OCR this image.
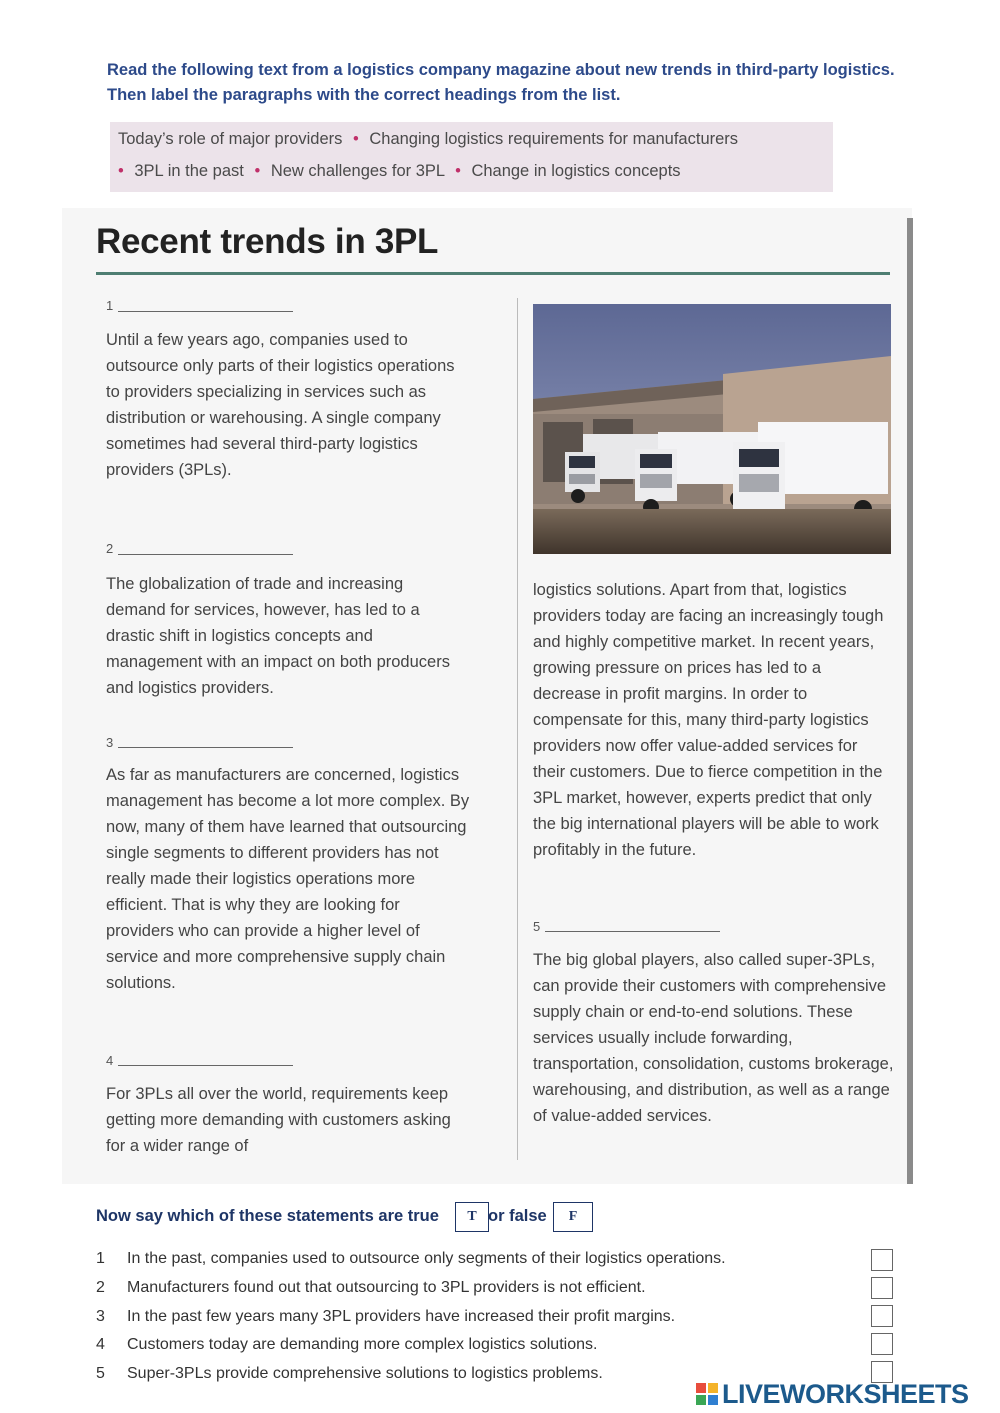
Read the following text from a logistics company magazine about new trends in third-party logistics. Then label the paragraphs with the correct headings from the list.
Today’s role of major providers • Changing logistics requirements for manufacturers
• 3PL in the past • New challenges for 3PL • Change in logistics concepts
Recent trends in 3PL
1
Until a few years ago, companies used to outsource only parts of their logistics operations to providers specializing in services such as distribution or warehousing. A single company sometimes had several third-party logistics providers (3PLs).
2
The globalization of trade and increasing demand for services, however, has led to a drastic shift in logistics concepts and management with an impact on both producers and logistics providers.
3
As far as manufacturers are concerned, logistics management has become a lot more complex. By now, many of them have learned that outsourcing single segments to different providers has not really made their logistics operations more efficient. That is why they are looking for providers who can provide a higher level of service and more comprehensive supply chain solutions.
4
For 3PLs all over the world, requirements keep getting more demanding with customers asking for a wider range of
logistics solutions. Apart from that, logistics providers today are facing an increasingly tough and highly competitive market. In recent years, growing pressure on prices has led to a decrease in profit margins. In order to compensate for this, many third-party logistics providers now offer value-added services for their customers. Due to fierce competition in the 3PL market, however, experts predict that only the big international players will be able to work profitably in the future.
5
The big global players, also called super-3PLs, can provide their customers with comprehensive supply chain or end-to-end solutions. These services usually include forwarding, transportation, consolidation, customs brokerage, warehousing, and distribution, as well as a range of value-added services.
Now say which of these statements are true	T or false	F
1 In the past, companies used to outsource only segments of their logistics operations.
2 Manufacturers found out that outsourcing to 3PL providers is not efficient.
3 In the past few years many 3PL providers have increased their profit margins.
4 Customers today are demanding more complex logistics solutions.
5 Super-3PLs provide comprehensive solutions to logistics problems.
LIVEWORKSHEETS
